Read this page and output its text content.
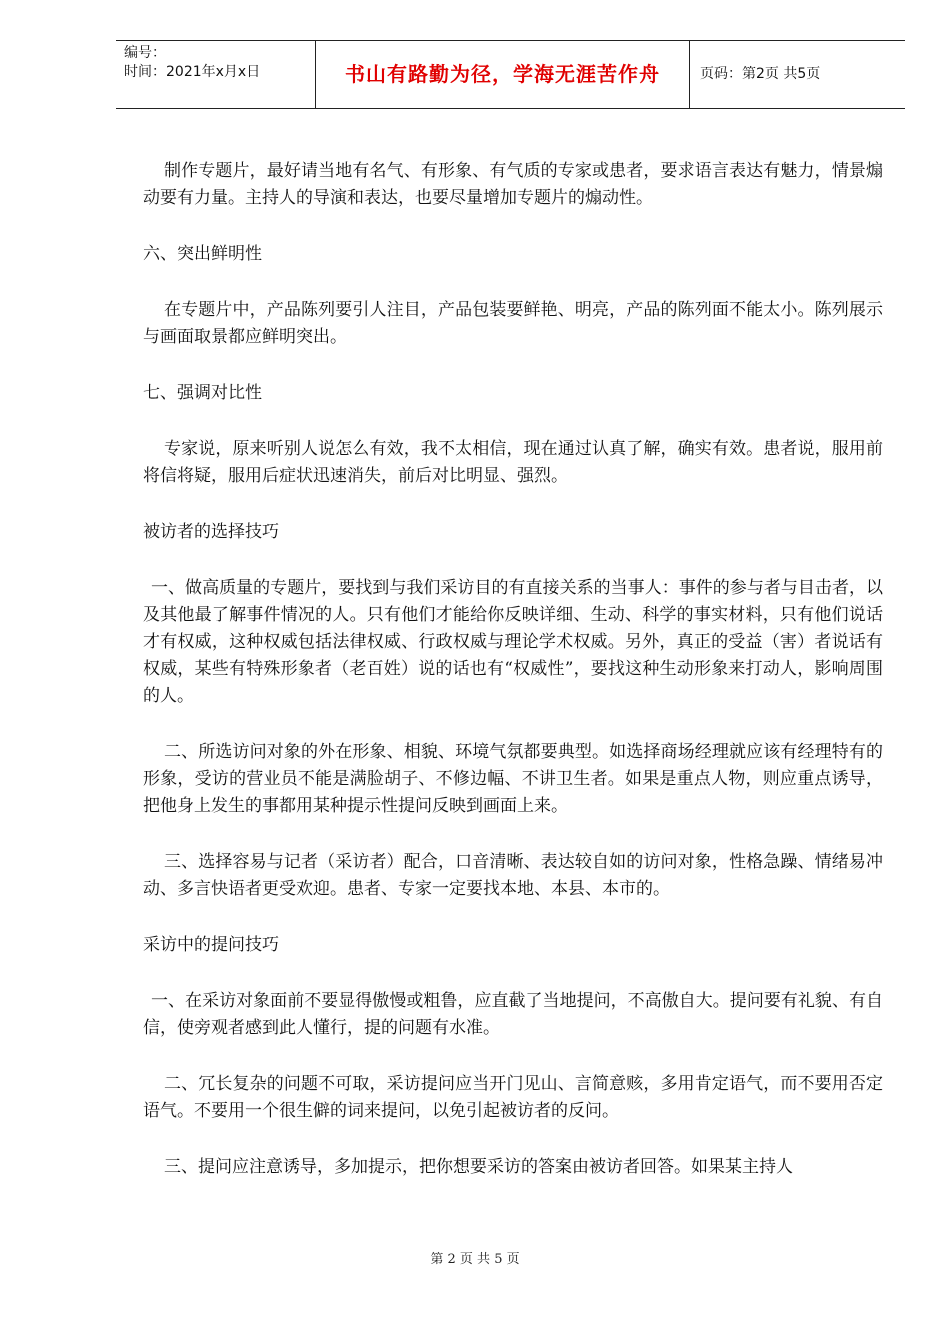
编号：
时间：2021年x月x日	书山有路勤为径，学海无涯苦作舟	页码：第2页 共5页

制作专题片，最好请当地有名气、有形象、有气质的专家或患者，要求语言表达有魅力，情景煽动要有力量。主持人的导演和表达，也要尽量增加专题片的煽动性。

六、突出鲜明性

在专题片中，产品陈列要引人注目，产品包装要鲜艳、明亮，产品的陈列面不能太小。陈列展示与画面取景都应鲜明突出。

七、强调对比性

专家说，原来听别人说怎么有效，我不太相信，现在通过认真了解，确实有效。患者说，服用前将信将疑，服用后症状迅速消失，前后对比明显、强烈。

被访者的选择技巧

一、做高质量的专题片，要找到与我们采访目的有直接关系的当事人：事件的参与者与目击者，以及其他最了解事件情况的人。只有他们才能给你反映详细、生动、科学的事实材料，只有他们说话才有权威，这种权威包括法律权威、行政权威与理论学术权威。另外，真正的受益（害）者说话有权威，某些有特殊形象者（老百姓）说的话也有“权威性”，要找这种生动形象来打动人，影响周围的人。

二、所选访问对象的外在形象、相貌、环境气氛都要典型。如选择商场经理就应该有经理特有的形象，受访的营业员不能是满脸胡子、不修边幅、不讲卫生者。如果是重点人物，则应重点诱导，把他身上发生的事都用某种提示性提问反映到画面上来。

三、选择容易与记者（采访者）配合，口音清晰、表达较自如的访问对象，性格急躁、情绪易冲动、多言快语者更受欢迎。患者、专家一定要找本地、本县、本市的。

采访中的提问技巧

一、在采访对象面前不要显得傲慢或粗鲁，应直截了当地提问，不高傲自大。提问要有礼貌、有自信，使旁观者感到此人懂行，提的问题有水准。

二、冗长复杂的问题不可取，采访提问应当开门见山、言简意赅，多用肯定语气，而不要用否定语气。不要用一个很生僻的词来提问，以免引起被访者的反问。

三、提问应注意诱导，多加提示，把你想要采访的答案由被访者回答。如果某主持人

第 2 页 共 5 页
